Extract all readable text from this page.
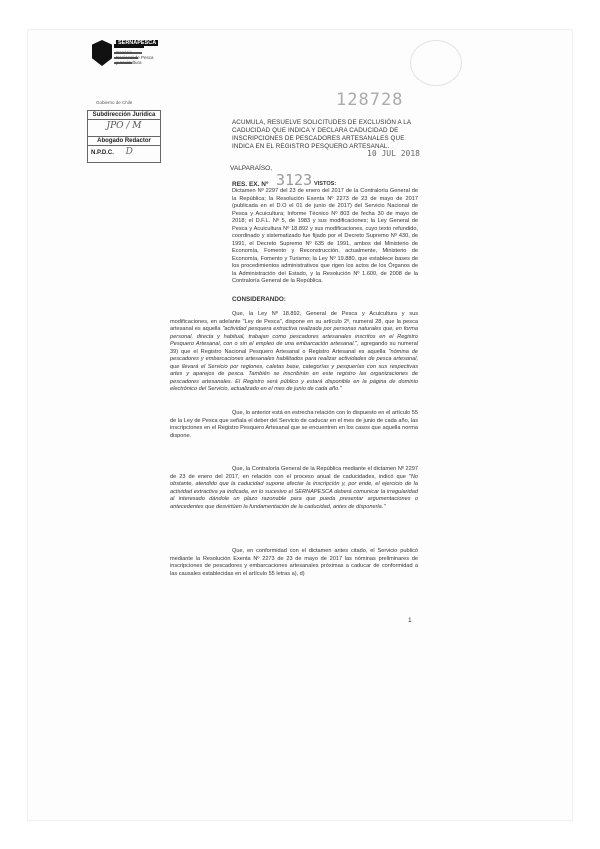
SERNAPESCA
Servicio
Nacional de Pesca
y Acuicultura
Gobierno de Chile	128728
Subdirección Jurídica
JPO / M
Abogado Redactor
N.P.D.C. D
ACUMULA, RESUELVE SOLICITUDES DE EXCLUSIÓN A LA CADUCIDAD QUE INDICA Y DECLARA CADUCIDAD DE INSCRIPCIONES DE PESCADORES ARTESANALES QUE INDICA EN EL REGISTRO PESQUERO ARTESANAL.
10 JUL 2018
VALPARAÍSO,
RES. EX. Nº 3123 VISTOS:
Dictamen Nº 2297 del 23 de enero del 2017 de la Contraloría General de la República; la Resolución Exenta Nº 2273 de 23 de mayo de 2017 (publicada en el D.O el 01 de junio de 2017) del Servicio Nacional de Pesca y Acuicultura; Informe Técnico Nº 803 de fecha 30 de mayo de 2018; el D.F.L. Nº 5, de 1983 y sus modificaciones; la Ley General de Pesca y Acuicultura Nº 18.892 y sus modificaciones, cuyo texto refundido, coordinado y sistematizado fue fijado por el Decreto Supremo Nº 430, de 1991, el Decreto Supremo Nº 635 de 1991, ambos del Ministerio de Economía, Fomento y Reconstrucción, actualmente, Ministerio de Economía, Fomento y Turismo; la Ley Nº 19.880, que establece bases de los procedimientos administrativos que rigen los actos de los Órganos de la Administración del Estado, y la Resolución Nº 1.600, de 2008 de la Contraloría General de la República.
CONSIDERANDO:
Que, la Ley Nº 18.892, General de Pesca y Acuicultura y sus modificaciones, en adelante "Ley de Pesca", dispone en su artículo 2º, numeral 28, que la pesca artesanal es aquella "actividad pesquera extractiva realizada por personas naturales que, en forma personal, directa y habitual, trabajan como pescadores artesanales inscritos en el Registro Pesquero Artesanal, con o sin el empleo de una embarcación artesanal.", agregando su numeral 39) que el Registro Nacional Pesquero Artesanal o Registro Artesanal es aquella "nómina de pescadores y embarcaciones artesanales habilitados para realizar actividades de pesca artesanal, que llevará el Servicio por regiones, caletas base, categorías y pesquerías con sus respectivas artes y aparejos de pesca. También se inscribirán en este registro las organizaciones de pescadores artesanales. El Registro será público y estará disponible en la página de dominio electrónico del Servicio, actualizado en el mes de junio de cada año."
Que, lo anterior está en estrecha relación con lo dispuesto en el artículo 55 de la Ley de Pesca que señala el deber del Servicio de caducar en el mes de junio de cada año, las inscripciones en el Registro Pesquero Artesanal que se encuentren en los casos que aquella norma dispone.
Que, la Contraloría General de la República mediante el dictamen Nº 2297 de 23 de enero del 2017, en relación con el proceso anual de caducidades, indicó que "No obstante, atendido que la caducidad supone afectar la inscripción y, por ende, el ejercicio de la actividad extractiva ya indicada, en lo sucesivo el SERNAPESCA deberá comunicar la irregularidad al interesado dándole un plazo razonable para que pueda presentar argumentaciones o antecedentes que desvirtúen la fundamentación de la caducidad, antes de disponerla."
Que, en conformidad con el dictamen antes citado, el Servicio publicó mediante la Resolución Exenta Nº 2273 de 23 de mayo de 2017 las nóminas preliminares de inscripciones de pescadores y embarcaciones artesanales próximas a caducar de conformidad a las causales establecidas en el artículo 55 letras a), d)
1
